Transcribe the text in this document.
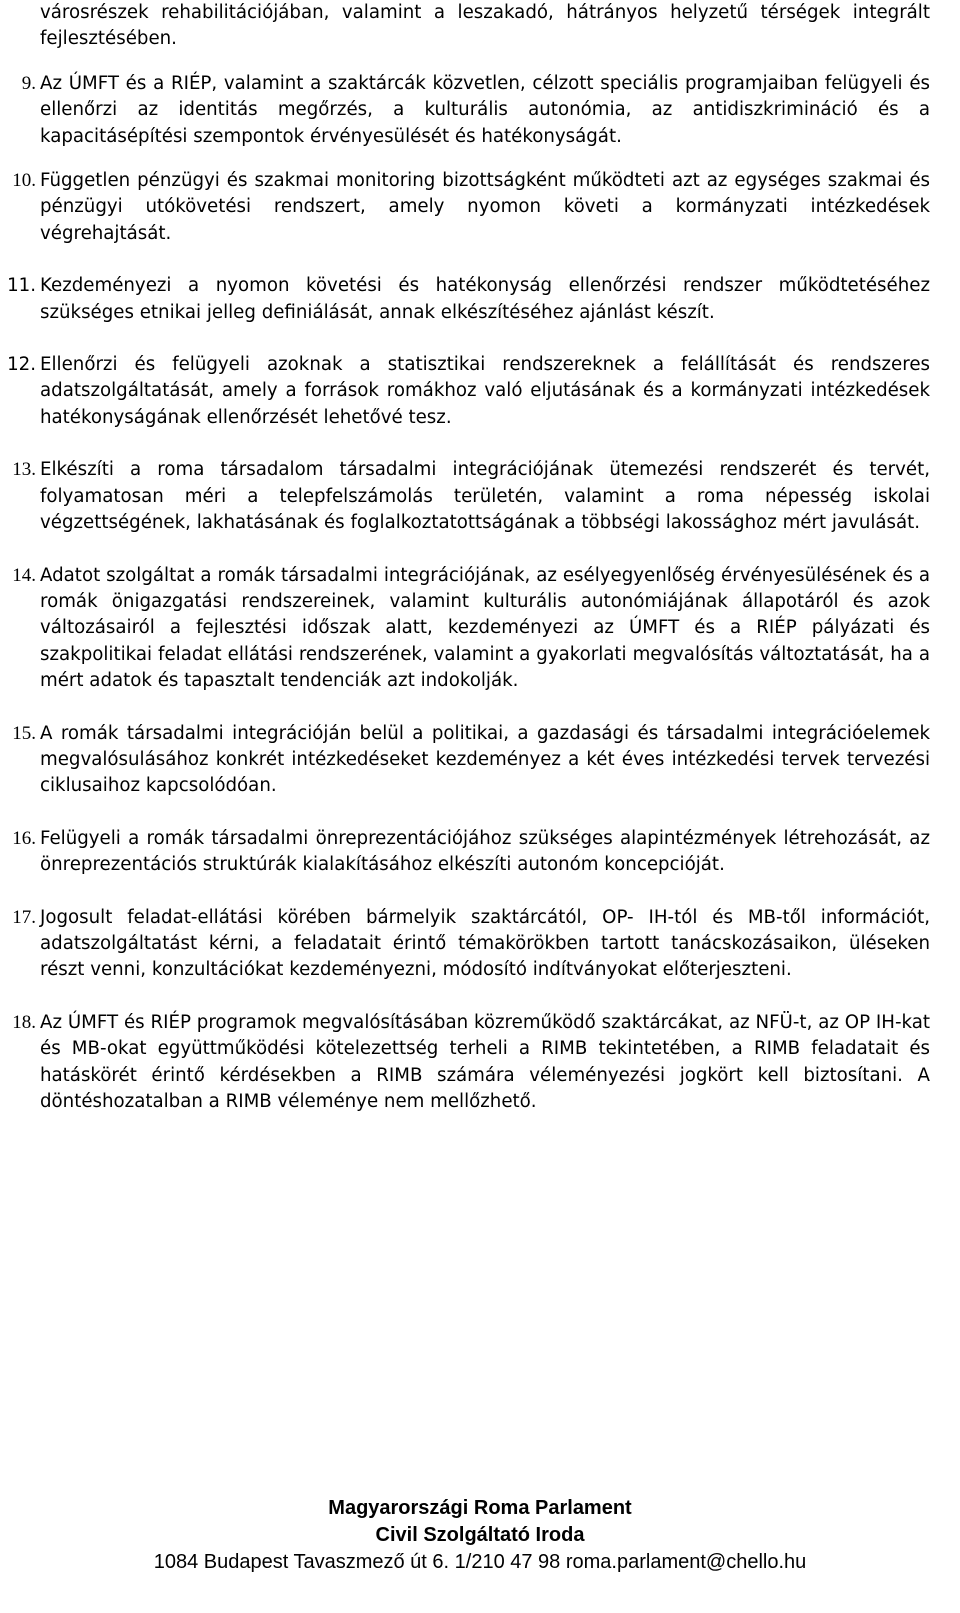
városrészek rehabilitációjában, valamint a leszakadó, hátrányos helyzetű térségek integrált fejlesztésében.
9. Az ÚMFT és a RIÉP, valamint a szaktárcák közvetlen, célzott speciális programjaiban felügyeli és ellenőrzi az identitás megőrzés, a kulturális autonómia, az antidiszkrimináció és a kapacitásépítési szempontok érvényesülését és hatékonyságát.
10. Független pénzügyi és szakmai monitoring bizottságként működteti azt az egységes szakmai és pénzügyi utókövetési rendszert, amely nyomon követi a kormányzati intézkedések végrehajtását.
11. Kezdeményezi a nyomon követési és hatékonyság ellenőrzési rendszer működtetéséhez szükséges etnikai jelleg definiálását, annak elkészítéséhez ajánlást készít.
12. Ellenőrzi és felügyeli azoknak a statisztikai rendszereknek a felállítását és rendszeres adatszolgáltatását, amely a források romákhoz való eljutásának és a kormányzati intézkedések hatékonyságának ellenőrzését lehetővé tesz.
13. Elkészíti a roma társadalom társadalmi integrációjának ütemezési rendszerét és tervét, folyamatosan méri a telepfelszámolás területén, valamint a roma népesség iskolai végzettségének, lakhatásának és foglalkoztatottságának a többségi lakossághoz mért javulását.
14. Adatot szolgáltat a romák társadalmi integrációjának, az esélyegyenlőség érvényesülésének és a romák önigazgatási rendszereinek, valamint kulturális autonómiájának állapotáról és azok változásairól a fejlesztési időszak alatt, kezdeményezi az ÚMFT és a RIÉP pályázati és szakpolitikai feladat ellátási rendszerének, valamint a gyakorlati megvalósítás változtatását, ha a mért adatok és tapasztalt tendenciák azt indokolják.
15. A romák társadalmi integrációján belül a politikai, a gazdasági és társadalmi integrációelemek megvalósulásához konkrét intézkedéseket kezdeményez a két éves intézkedési tervek tervezési ciklusaihoz kapcsolódóan.
16. Felügyeli a romák társadalmi önreprezentációjához szükséges alapintézmények létrehozását, az önreprezentációs struktúrák kialakításához elkészíti autonóm koncepcióját.
17. Jogosult feladat-ellátási körében bármelyik szaktárcától, OP- IH-tól és MB-től információt, adatszolgáltatást kérni, a feladatait érintő témakörökben tartott tanácskozásaikon, üléseken részt venni, konzultációkat kezdeményezni, módosító indítványokat előterjeszteni.
18. Az ÚMFT és RIÉP programok megvalósításában közreműködő szaktárcákat, az NFÜ-t, az OP IH-kat és MB-okat együttműködési kötelezettség terheli a RIMB tekintetében, a RIMB feladatait és hatáskörét érintő kérdésekben a RIMB számára véleményezési jogkört kell biztosítani. A döntéshozatalban a RIMB véleménye nem mellőzhető.
Magyarországi Roma Parlament
Civil Szolgáltató Iroda
1084 Budapest Tavaszmező út 6. 1/210 47 98 roma.parlament@chello.hu
